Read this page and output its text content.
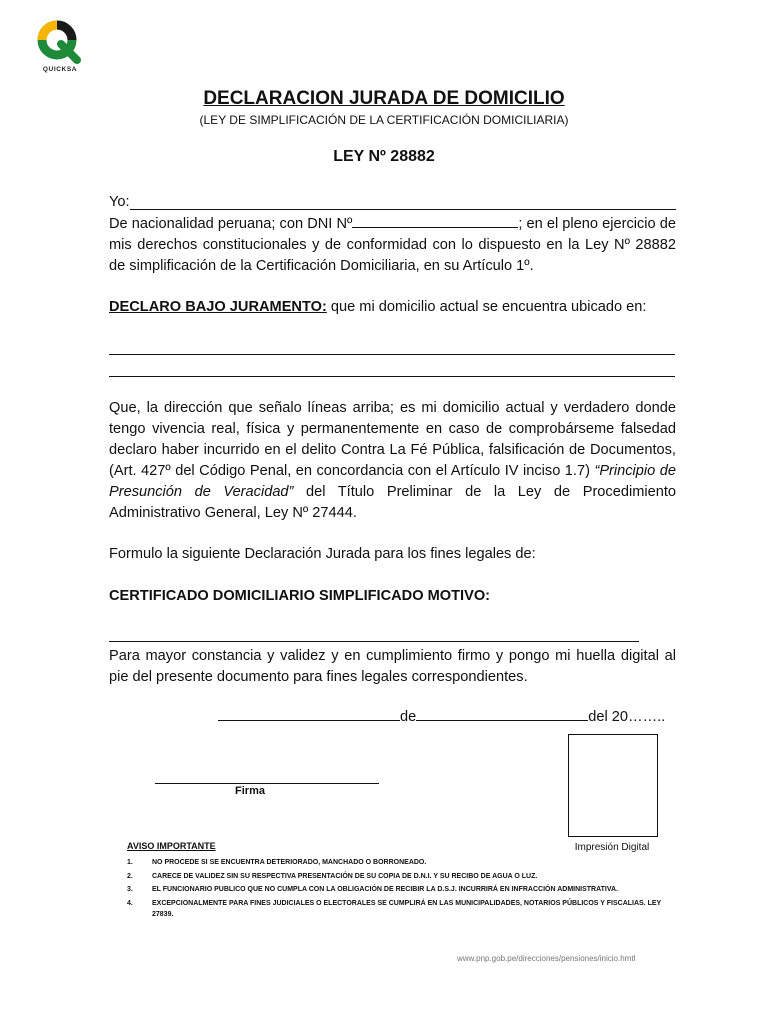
QUICKSA
DECLARACION JURADA DE DOMICILIO
(LEY DE SIMPLIFICACIÓN DE LA CERTIFICACIÓN DOMICILIARIA)
LEY Nº 28882
Yo:
De nacionalidad peruana; con DNI Nº	; en el pleno ejercicio de mis derechos constitucionales y de conformidad con lo dispuesto en la Ley Nº 28882 de simplificación de la Certificación Domiciliaria, en su Artículo 1º.
DECLARO BAJO JURAMENTO: que mi domicilio actual se encuentra ubicado en:
Que, la dirección que señalo líneas arriba; es mi domicilio actual y verdadero donde tengo vivencia real, física y permanentemente en caso de comprobárseme falsedad declaro haber incurrido en el delito Contra La Fé Pública, falsificación de Documentos, (Art. 427º del Código Penal, en concordancia con el Artículo IV inciso 1.7) “Principio de Presunción de Veracidad” del Título Preliminar de la Ley de Procedimiento Administrativo General, Ley Nº 27444.
Formulo la siguiente Declaración Jurada para los fines legales de:
CERTIFICADO DOMICILIARIO SIMPLIFICADO MOTIVO:
Para mayor constancia y validez y en cumplimiento firmo y pongo mi huella digital al pie del presente documento para fines legales correspondientes.
de	del 20……..
Firma
Impresión Digital
AVISO IMPORTANTE
1.	NO PROCEDE SI SE ENCUENTRA DETERIORADO, MANCHADO O BORRONEADO.
2.	CARECE DE VALIDEZ SIN SU RESPECTIVA PRESENTACIÓN DE SU COPIA DE D.N.I. Y SU RECIBO DE AGUA O LUZ.
3.	EL FUNCIONARIO PUBLICO QUE NO CUMPLA CON LA OBLIGACIÓN DE RECIBIR LA D.S.J. INCURRIRÁ EN INFRACCIÓN ADMINISTRATIVA.
4.	EXCEPCIONALMENTE PARA FINES JUDICIALES O ELECTORALES SE CUMPLIRÁ EN LAS MUNICIPALIDADES, NOTARIOS PÚBLICOS Y FISCALIAS. LEY 27839.
www.pnp.gob.pe/direcciones/pensiones/inicio.hmtl
